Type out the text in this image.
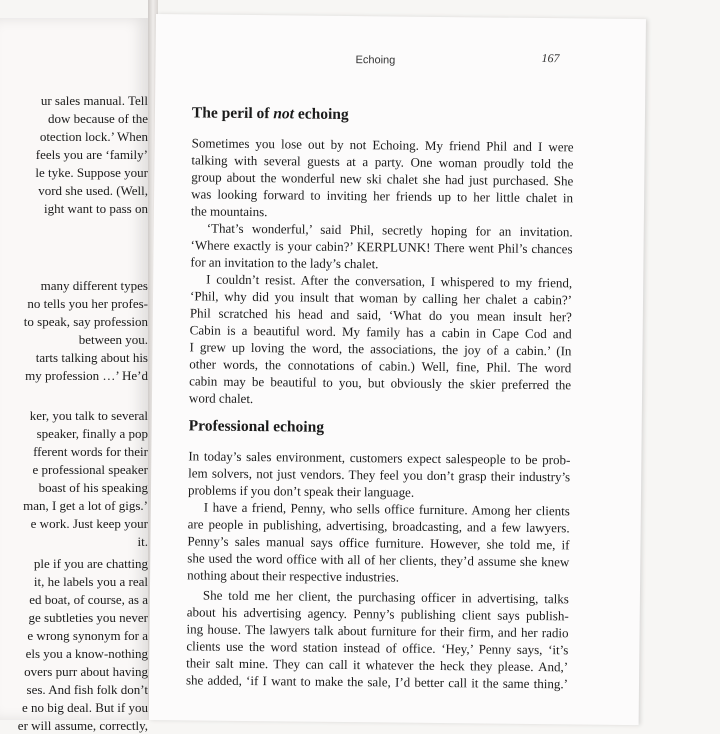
ur sales manual. Tell
dow because of the
otection lock.’ When
feels you are ‘family’
le tyke. Suppose your
vord she used. (Well,
ight want to pass on
many different types
no tells you her profes-
to speak, say profession
between you.
tarts talking about his
my profession …’ He’d
ker, you talk to several
speaker, finally a pop
fferent words for their
e professional speaker
boast of his speaking
man, I get a lot of gigs.’
e work. Just keep your
it.
ple if you are chatting
it, he labels you a real
ed boat, of course, as a
ge subtleties you never
e wrong synonym for a
els you a know-nothing
overs purr about having
ses. And fish folk don’t
e no big deal. But if you
er will assume, correctly,
Echoing	167
The peril of not echoing
Sometimes you lose out by not Echoing. My friend Phil and I were
talking with several guests at a party. One woman proudly told the
group about the wonderful new ski chalet she had just purchased. She
was looking forward to inviting her friends up to her little chalet in
the mountains.
‘That’s wonderful,’ said Phil, secretly hoping for an invitation.
‘Where exactly is your cabin?’ KERPLUNK! There went Phil’s chances
for an invitation to the lady’s chalet.
I couldn’t resist. After the conversation, I whispered to my friend,
‘Phil, why did you insult that woman by calling her chalet a cabin?’
Phil scratched his head and said, ‘What do you mean insult her?
Cabin is a beautiful word. My family has a cabin in Cape Cod and
I grew up loving the word, the associations, the joy of a cabin.’ (In
other words, the connotations of cabin.) Well, fine, Phil. The word
cabin may be beautiful to you, but obviously the skier preferred the
word chalet.
Professional echoing
In today’s sales environment, customers expect salespeople to be prob-
lem solvers, not just vendors. They feel you don’t grasp their industry’s
problems if you don’t speak their language.
I have a friend, Penny, who sells office furniture. Among her clients
are people in publishing, advertising, broadcasting, and a few lawyers.
Penny’s sales manual says office furniture. However, she told me, if
she used the word office with all of her clients, they’d assume she knew
nothing about their respective industries.
She told me her client, the purchasing officer in advertising, talks
about his advertising agency. Penny’s publishing client says publish-
ing house. The lawyers talk about furniture for their firm, and her radio
clients use the word station instead of office. ‘Hey,’ Penny says, ‘it’s
their salt mine. They can call it whatever the heck they please. And,’
she added, ‘if I want to make the sale, I’d better call it the same thing.’
